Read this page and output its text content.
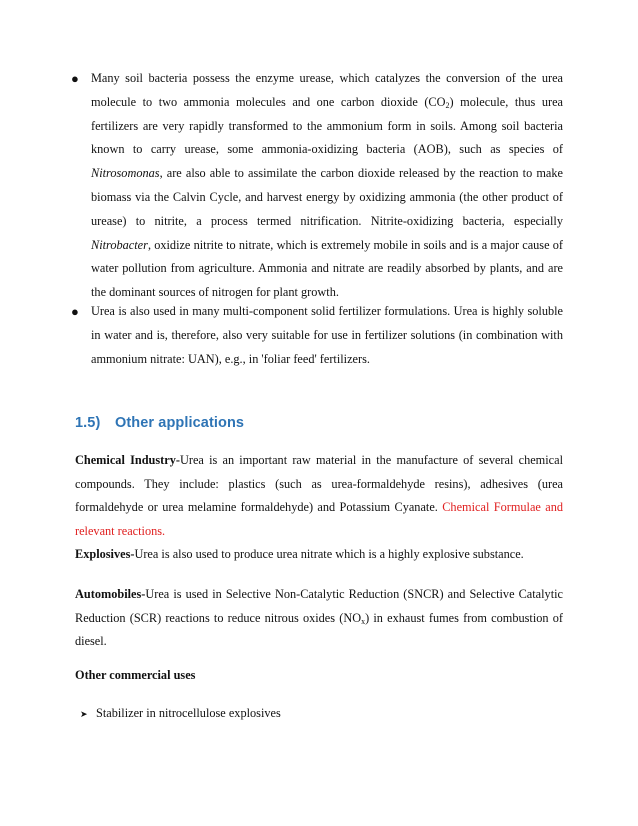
● Many soil bacteria possess the enzyme urease, which catalyzes the conversion of the urea molecule to two ammonia molecules and one carbon dioxide $(CO_2)$ molecule, thus urea fertilizers are very rapidly transformed to the ammonium form in soils. Among soil bacteria known to carry urease, some ammonia-oxidizing bacteria (AOB), such as species of Nitrosomonas, are also able to assimilate the carbon dioxide released by the reaction to make biomass via the Calvin Cycle, and harvest energy by oxidizing ammonia (the other product of urease) to nitrite, a process termed nitrification. Nitrite-oxidizing bacteria, especially Nitrobacter, oxidize nitrite to nitrate, which is extremely mobile in soils and is a major cause of water pollution from agriculture. Ammonia and nitrate are readily absorbed by plants, and are the dominant sources of nitrogen for plant growth.
● Urea is also used in many multi-component solid fertilizer formulations. Urea is highly soluble in water and is, therefore, also very suitable for use in fertilizer solutions (in combination with ammonium nitrate: UAN), e.g., in 'foliar feed' fertilizers.
1.5) Other applications
Chemical Industry-Urea is an important raw material in the manufacture of several chemical compounds. They include: plastics (such as urea-formaldehyde resins), adhesives (urea formaldehyde or urea melamine formaldehyde) and Potassium Cyanate. Chemical Formulae and relevant reactions.
Explosives-Urea is also used to produce urea nitrate which is a highly explosive substance.
Automobiles-Urea is used in Selective Non-Catalytic Reduction (SNCR) and Selective Catalytic Reduction (SCR) reactions to reduce nitrous oxides $(NO_x)$ in exhaust fumes from combustion of diesel.
Other commercial uses
➤ Stabilizer in nitrocellulose explosives
